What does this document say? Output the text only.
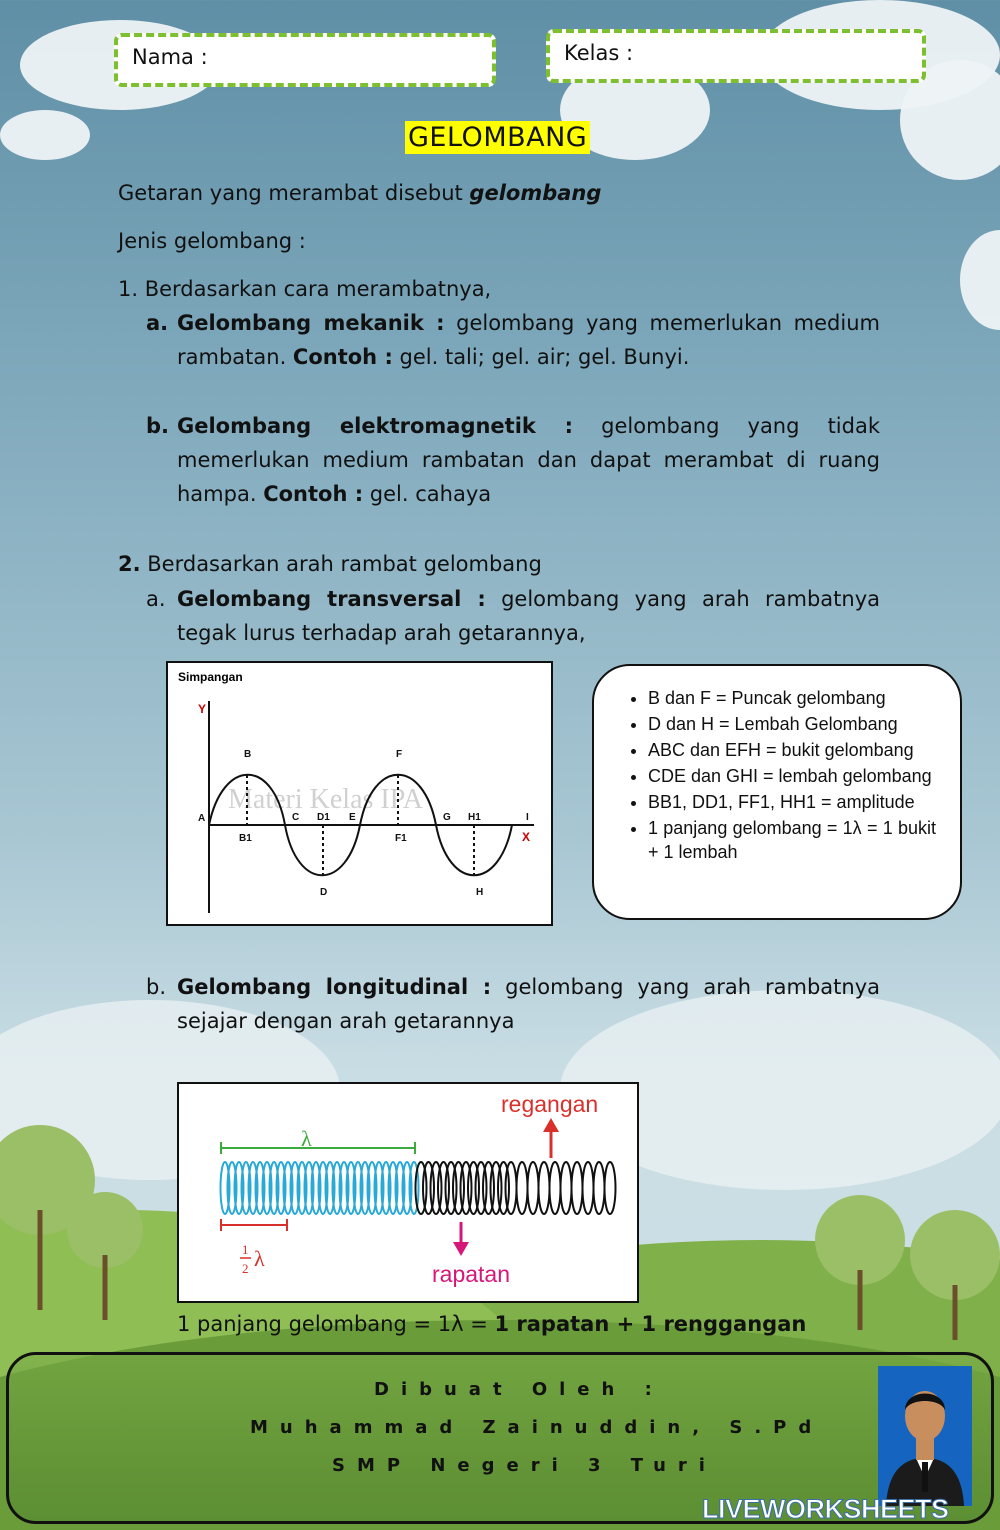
Nama :	Kelas :
GELOMBANG
Getaran yang merambat disebut gelombang
Jenis gelombang :
1. Berdasarkan cara merambatnya,
a. Gelombang mekanik : gelombang yang memerlukan medium rambatan. Contoh : gel. tali; gel. air; gel. Bunyi.
b. Gelombang elektromagnetik : gelombang yang tidak memerlukan medium rambatan dan dapat merambat di ruang hampa. Contoh : gel. cahaya
2. Berdasarkan arah rambat gelombang
a. Gelombang transversal : gelombang yang arah rambatnya tegak lurus terhadap arah getarannya,
Simpangan
Y
X
Materi Kelas IPA
A
B
B1
C D1 E
D
F
F1
G H1	I
H
• B dan F = Puncak gelombang
• D dan H = Lembah Gelombang
• ABC dan EFH = bukit gelombang
• CDE dan GHI = lembah gelombang
• BB1, DD1, FF1, HH1 = amplitude
• 1 panjang gelombang = 1λ = 1 bukit + 1 lembah
b. Gelombang longitudinal : gelombang yang arah rambatnya sejajar dengan arah getarannya
regangan
λ
1
2 λ
rapatan
1 panjang gelombang = 1λ = 1 rapatan + 1 renggangan
Dibuat Oleh :
Muhammad Zainuddin, S.Pd
SMP Negeri 3 Turi
LIVEWORKSHEETS
